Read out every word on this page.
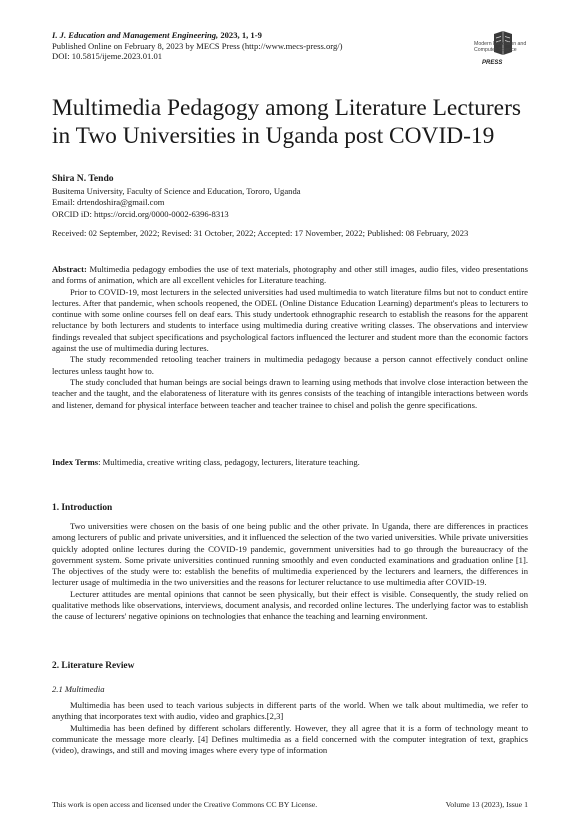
I. J. Education and Management Engineering, 2023, 1, 1-9
Published Online on February 8, 2023 by MECS Press (http://www.mecs-press.org/)
DOI: 10.5815/ijeme.2023.01.01
Modern Education and Computer Science
PRESS
Multimedia Pedagogy among Literature Lecturers in Two Universities in Uganda post COVID-19
Shira N. Tendo
Busitema University, Faculty of Science and Education, Tororo, Uganda
Email: drtendoshira@gmail.com
ORCID iD: https://orcid.org/0000-0002-6396-8313
Received: 02 September, 2022; Revised: 31 October, 2022; Accepted: 17 November, 2022; Published: 08 February, 2023

Abstract: Multimedia pedagogy embodies the use of text materials, photography and other still images, audio files, video presentations and forms of animation, which are all excellent vehicles for Literature teaching.

Prior to COVID-19, most lecturers in the selected universities had used multimedia to watch literature films but not to conduct entire lectures. After that pandemic, when schools reopened, the ODEL (Online Distance Education Learning) department's pleas to lecturers to continue with some online courses fell on deaf ears. This study undertook ethnographic research to establish the reasons for the apparent reluctance by both lecturers and students to interface using multimedia during creative writing classes. The observations and interview findings revealed that subject specifications and psychological factors influenced the lecturer and student more than the economic factors against the use of multimedia during lectures.

The study recommended retooling teacher trainers in multimedia pedagogy because a person cannot effectively conduct online lectures unless taught how to.

The study concluded that human beings are social beings drawn to learning using methods that involve close interaction between the teacher and the taught, and the elaborateness of literature with its genres consists of the teaching of intangible interactions between words and listener, demand for physical interface between teacher and teacher trainee to chisel and polish the genre specifications.

Index Terms: Multimedia, creative writing class, pedagogy, lecturers, literature teaching.
1. Introduction

Two universities were chosen on the basis of one being public and the other private. In Uganda, there are differences in practices among lecturers of public and private universities, and it influenced the selection of the two varied universities. While private universities quickly adopted online lectures during the COVID-19 pandemic, government universities had to go through the bureaucracy of the government system. Some private universities continued running smoothly and even conducted examinations and graduation online [1]. The objectives of the study were to: establish the benefits of multimedia experienced by the lecturers and learners, the differences in lecturer usage of multimedia in the two universities and the reasons for lecturer reluctance to use multimedia after COVID-19.

Lecturer attitudes are mental opinions that cannot be seen physically, but their effect is visible. Consequently, the study relied on qualitative methods like observations, interviews, document analysis, and recorded online lectures. The underlying factor was to establish the cause of lecturers' negative opinions on technologies that enhance the teaching and learning environment.

2. Literature Review
2.1 Multimedia

Multimedia has been used to teach various subjects in different parts of the world. When we talk about multimedia, we refer to anything that incorporates text with audio, video and graphics.[2,3]

Multimedia has been defined by different scholars differently. However, they all agree that it is a form of technology meant to communicate the message more clearly. [4] Defines multimedia as a field concerned with the computer integration of text, graphics (video), drawings, and still and moving images where every type of information

This work is open access and licensed under the Creative Commons CC BY License.	Volume 13 (2023), Issue 1
